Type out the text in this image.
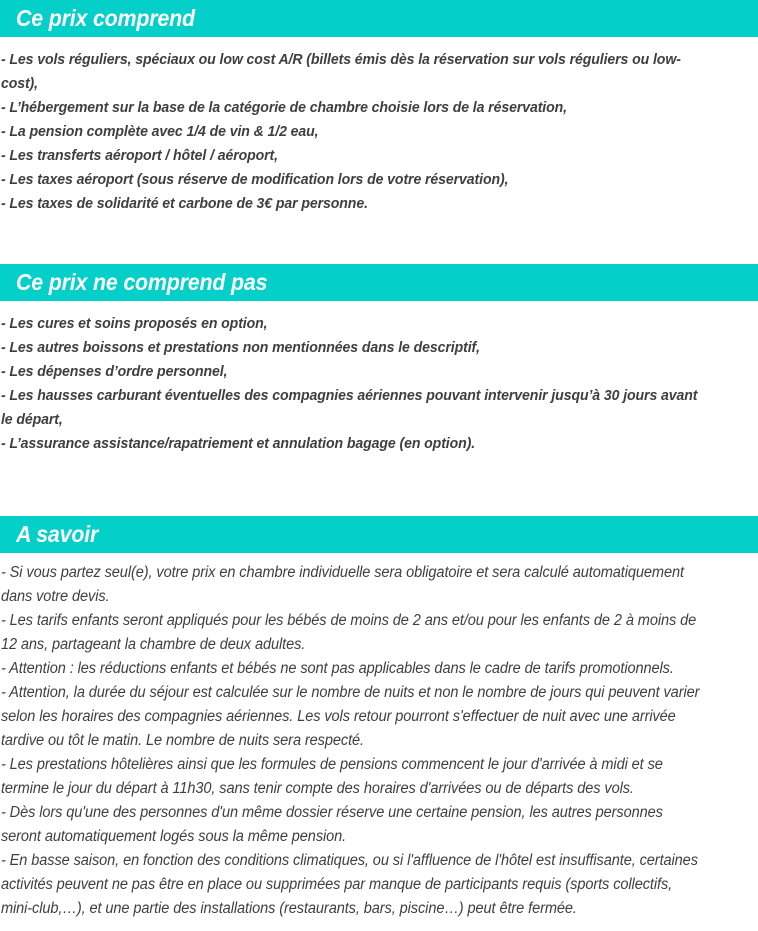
Ce prix comprend
- Les vols réguliers, spéciaux ou low cost A/R (billets émis dès la réservation sur vols réguliers ou low-cost),
- L’hébergement sur la base de la catégorie de chambre choisie lors de la réservation,
- La pension complète avec 1/4 de vin & 1/2 eau,
- Les transferts aéroport / hôtel / aéroport,
- Les taxes aéroport (sous réserve de modification lors de votre réservation),
- Les taxes de solidarité et carbone de 3€ par personne.
Ce prix ne comprend pas
- Les cures et soins proposés en option,
- Les autres boissons et prestations non mentionnées dans le descriptif,
- Les dépenses d’ordre personnel,
- Les hausses carburant éventuelles des compagnies aériennes pouvant intervenir jusqu’à 30 jours avant le départ,
- L’assurance assistance/rapatriement et annulation bagage (en option).
A savoir
- Si vous partez seul(e), votre prix en chambre individuelle sera obligatoire et sera calculé automatiquement dans votre devis.
- Les tarifs enfants seront appliqués pour les bébés de moins de 2 ans et/ou pour les enfants de 2 à moins de 12 ans, partageant la chambre de deux adultes.
- Attention : les réductions enfants et bébés ne sont pas applicables dans le cadre de tarifs promotionnels.
- Attention, la durée du séjour est calculée sur le nombre de nuits et non le nombre de jours qui peuvent varier selon les horaires des compagnies aériennes. Les vols retour pourront s'effectuer de nuit avec une arrivée tardive ou tôt le matin. Le nombre de nuits sera respecté.
- Les prestations hôtelières ainsi que les formules de pensions commencent le jour d'arrivée à midi et se termine le jour du départ à 11h30, sans tenir compte des horaires d'arrivées ou de départs des vols.
- Dès lors qu'une des personnes d'un même dossier réserve une certaine pension, les autres personnes seront automatiquement logés sous la même pension.
- En basse saison, en fonction des conditions climatiques, ou si l'affluence de l'hôtel est insuffisante, certaines activités peuvent ne pas être en place ou supprimées par manque de participants requis (sports collectifs, mini-club,…), et une partie des installations (restaurants, bars, piscine…) peut être fermée.
